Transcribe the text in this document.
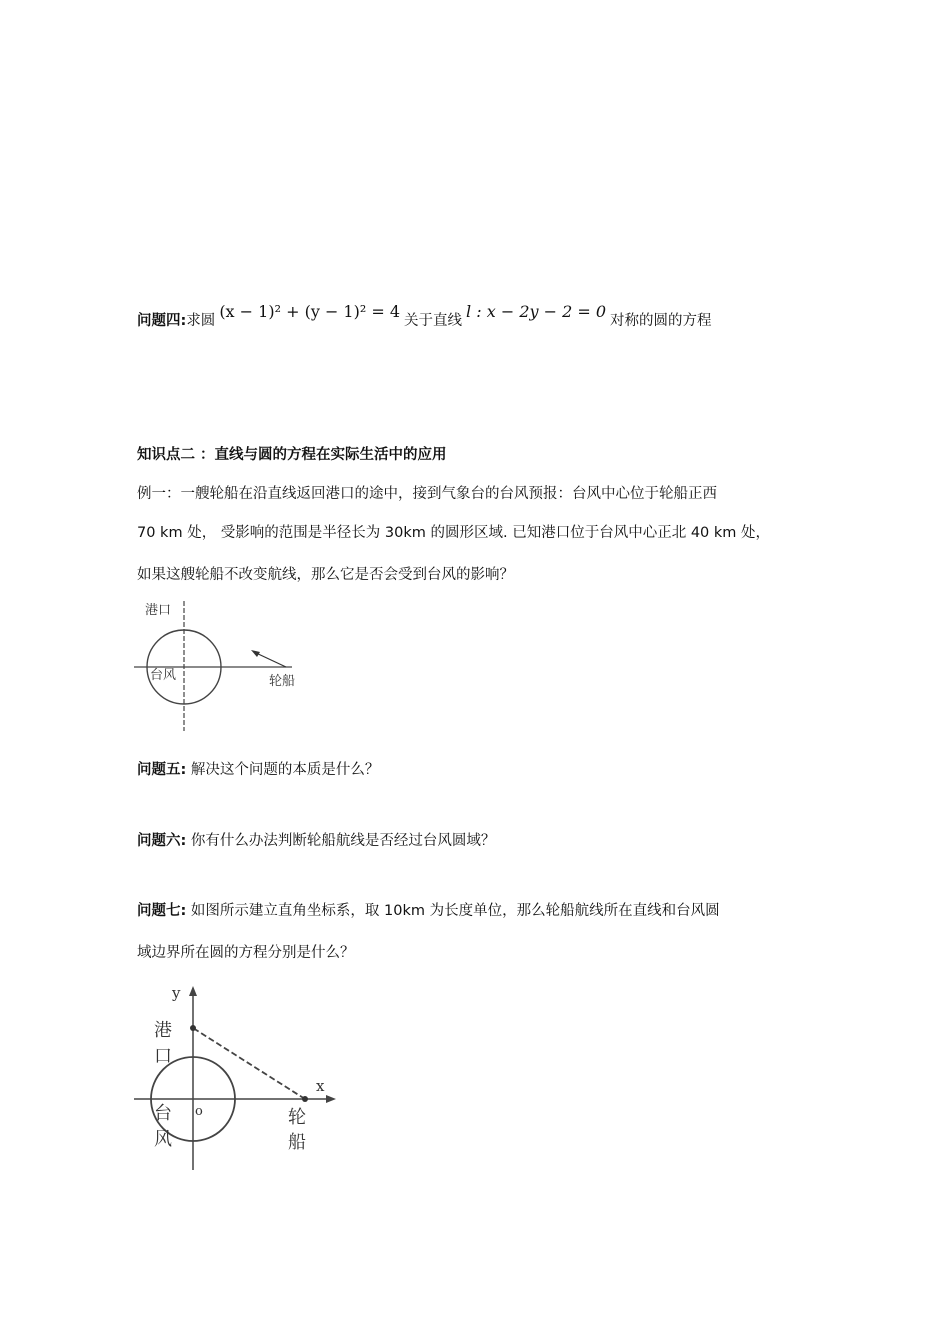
问题四:求圆 (x − 1)² + (y − 1)² = 4 关于直线 l : x − 2y − 2 = 0 对称的圆的方程
知识点二 ：直线与圆的方程在实际生活中的应用
例一：一艘轮船在沿直线返回港口的途中，接到气象台的台风预报：台风中心位于轮船正西
70 km 处， 受影响的范围是半径长为 30km 的圆形区域. 已知港口位于台风中心正北 40 km 处，
如果这艘轮船不改变航线，那么它是否会受到台风的影响？
港口
台风	轮船
问题五: 解决这个问题的本质是什么？
问题六: 你有什么办法判断轮船航线是否经过台风圆域？
问题七: 如图所示建立直角坐标系，取 10km 为长度单位，那么轮船航线所在直线和台风圆
域边界所在圆的方程分别是什么？
y
x
o
港
口
台
风
轮
船
